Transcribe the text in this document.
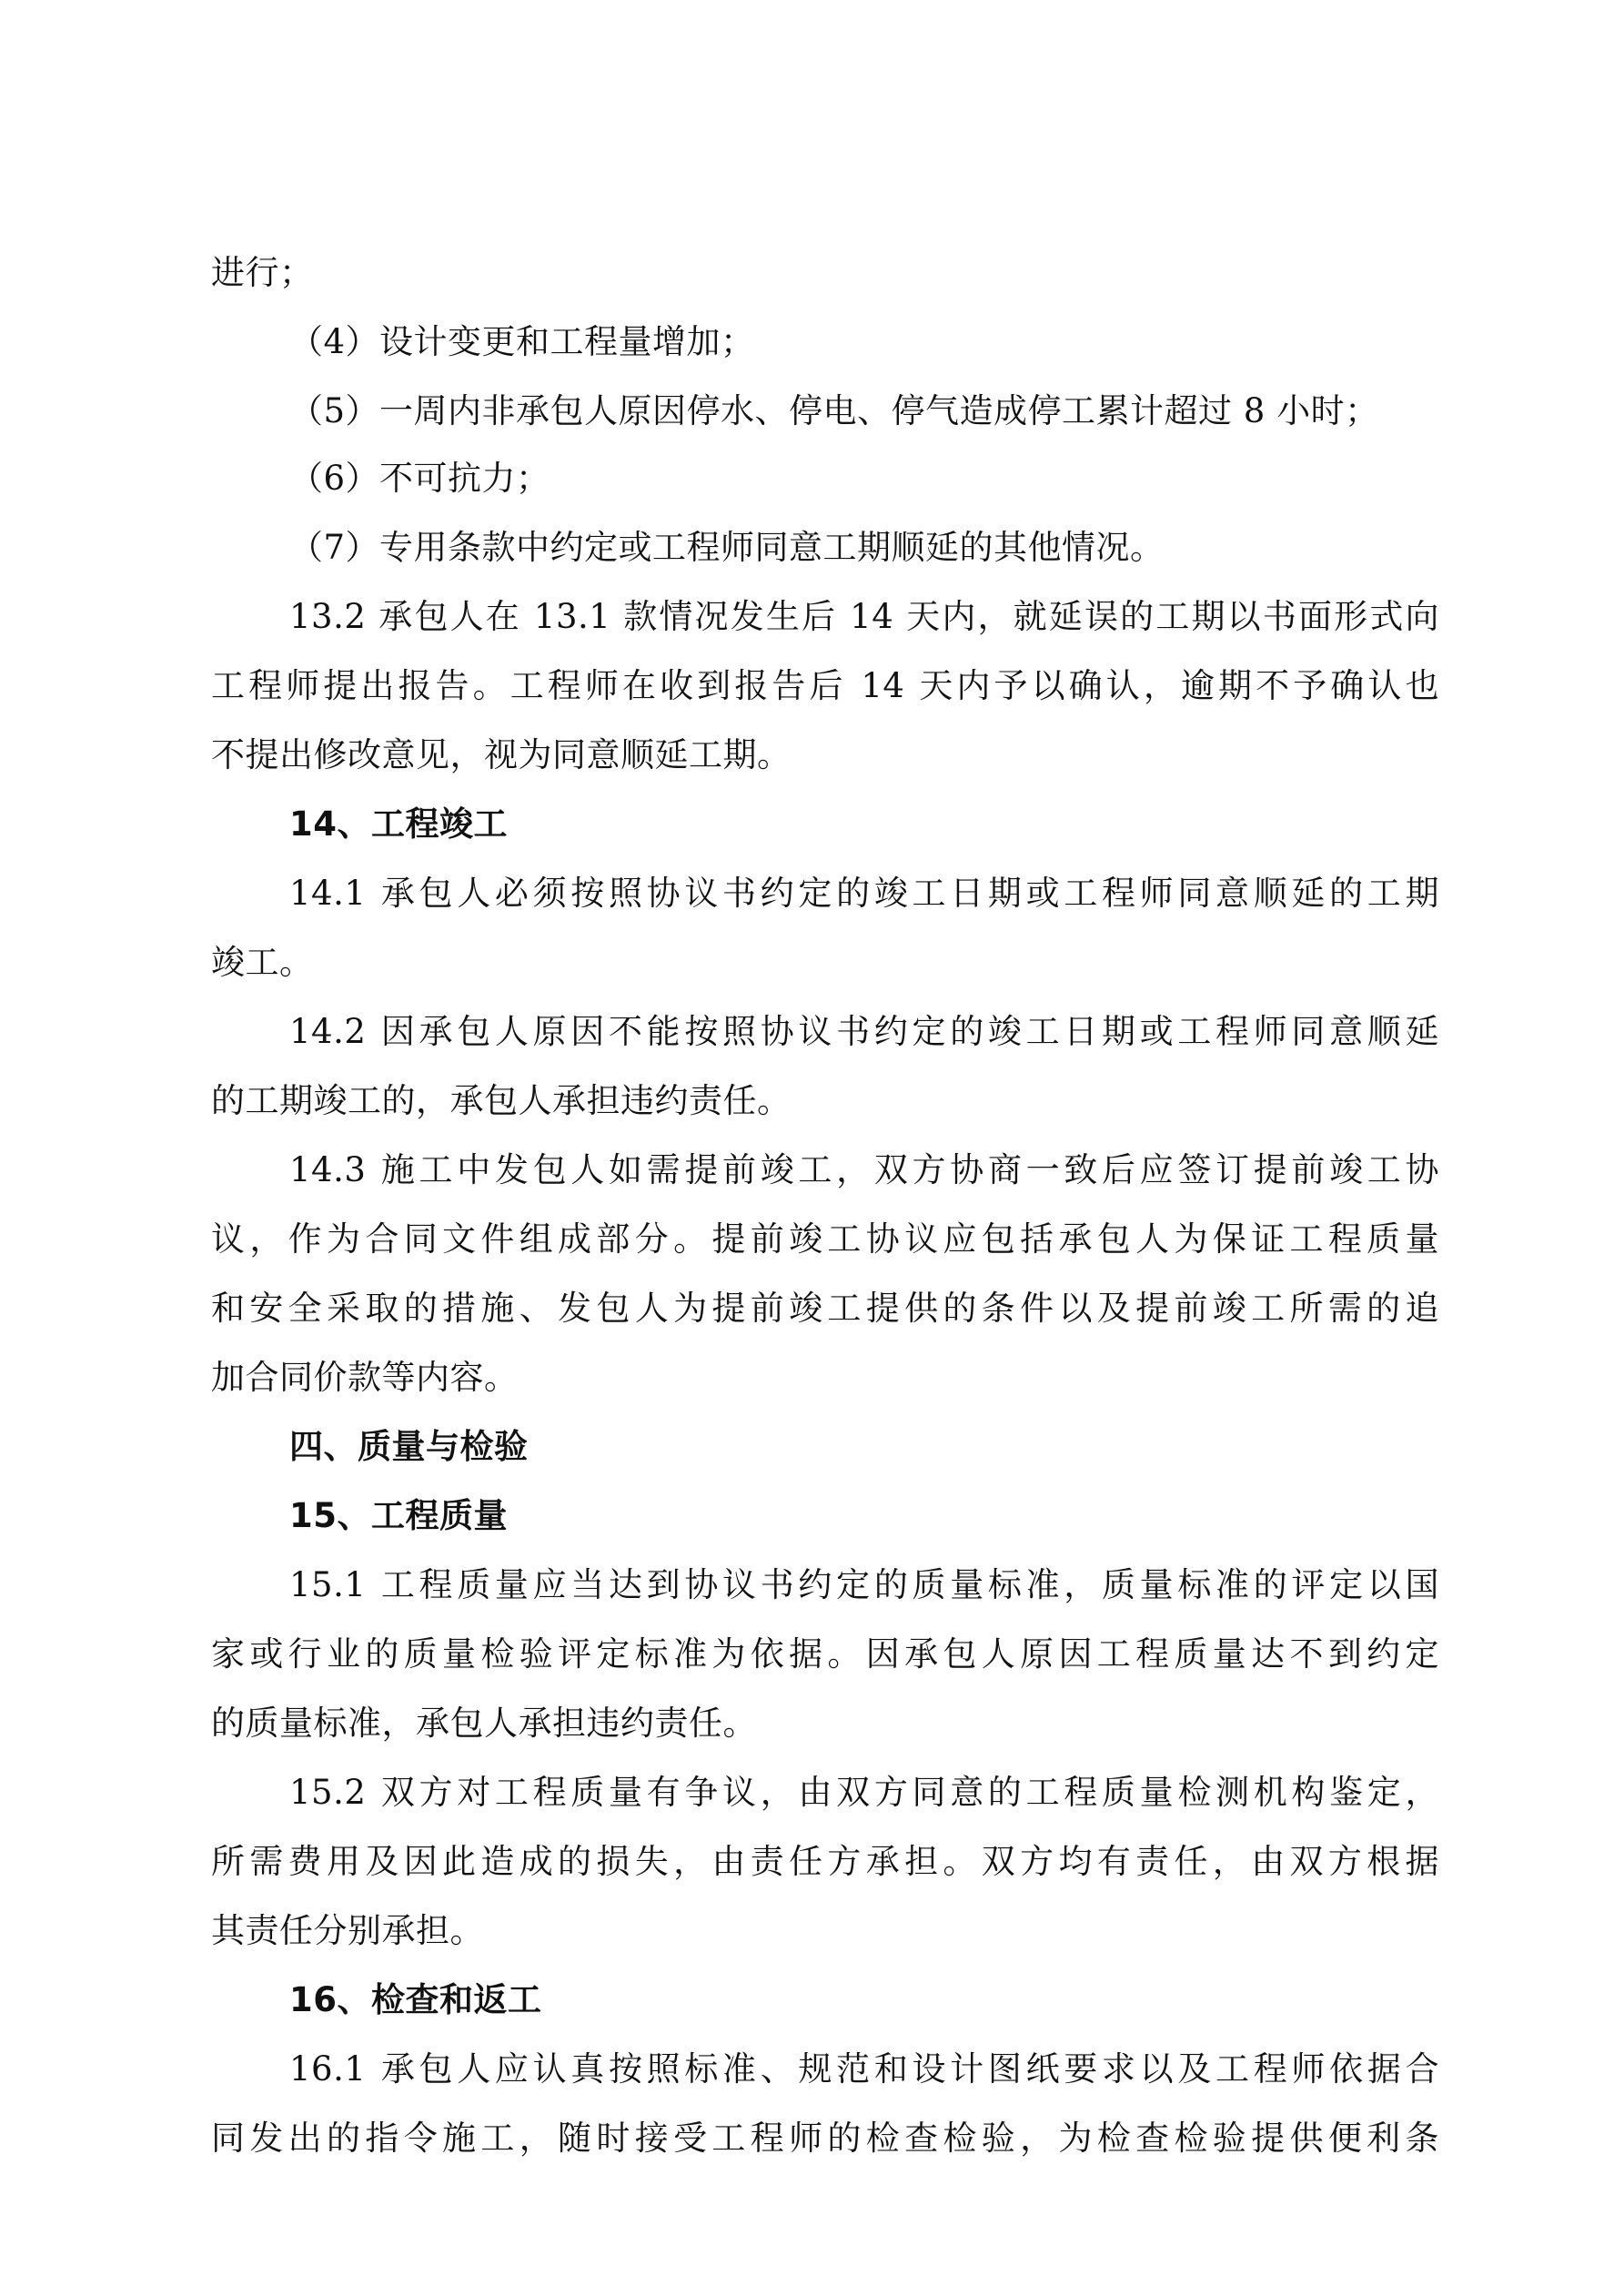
进行；
（4）设计变更和工程量增加；
（5）一周内非承包人原因停水、停电、停气造成停工累计超过 8 小时；
（6）不可抗力；
（7）专用条款中约定或工程师同意工期顺延的其他情况。
13.2 承包人在 13.1 款情况发生后 14 天内，就延误的工期以书面形式向
工程师提出报告。工程师在收到报告后 14 天内予以确认，逾期不予确认也
不提出修改意见，视为同意顺延工期。
14、工程竣工
14.1 承包人必须按照协议书约定的竣工日期或工程师同意顺延的工期
竣工。
14.2 因承包人原因不能按照协议书约定的竣工日期或工程师同意顺延
的工期竣工的，承包人承担违约责任。
14.3 施工中发包人如需提前竣工，双方协商一致后应签订提前竣工协
议，作为合同文件组成部分。提前竣工协议应包括承包人为保证工程质量
和安全采取的措施、发包人为提前竣工提供的条件以及提前竣工所需的追
加合同价款等内容。
四、质量与检验
15、工程质量
15.1 工程质量应当达到协议书约定的质量标准，质量标准的评定以国
家或行业的质量检验评定标准为依据。因承包人原因工程质量达不到约定
的质量标准，承包人承担违约责任。
15.2 双方对工程质量有争议，由双方同意的工程质量检测机构鉴定，
所需费用及因此造成的损失，由责任方承担。双方均有责任，由双方根据
其责任分别承担。
16、检查和返工
16.1 承包人应认真按照标准、规范和设计图纸要求以及工程师依据合
同发出的指令施工，随时接受工程师的检查检验，为检查检验提供便利条
